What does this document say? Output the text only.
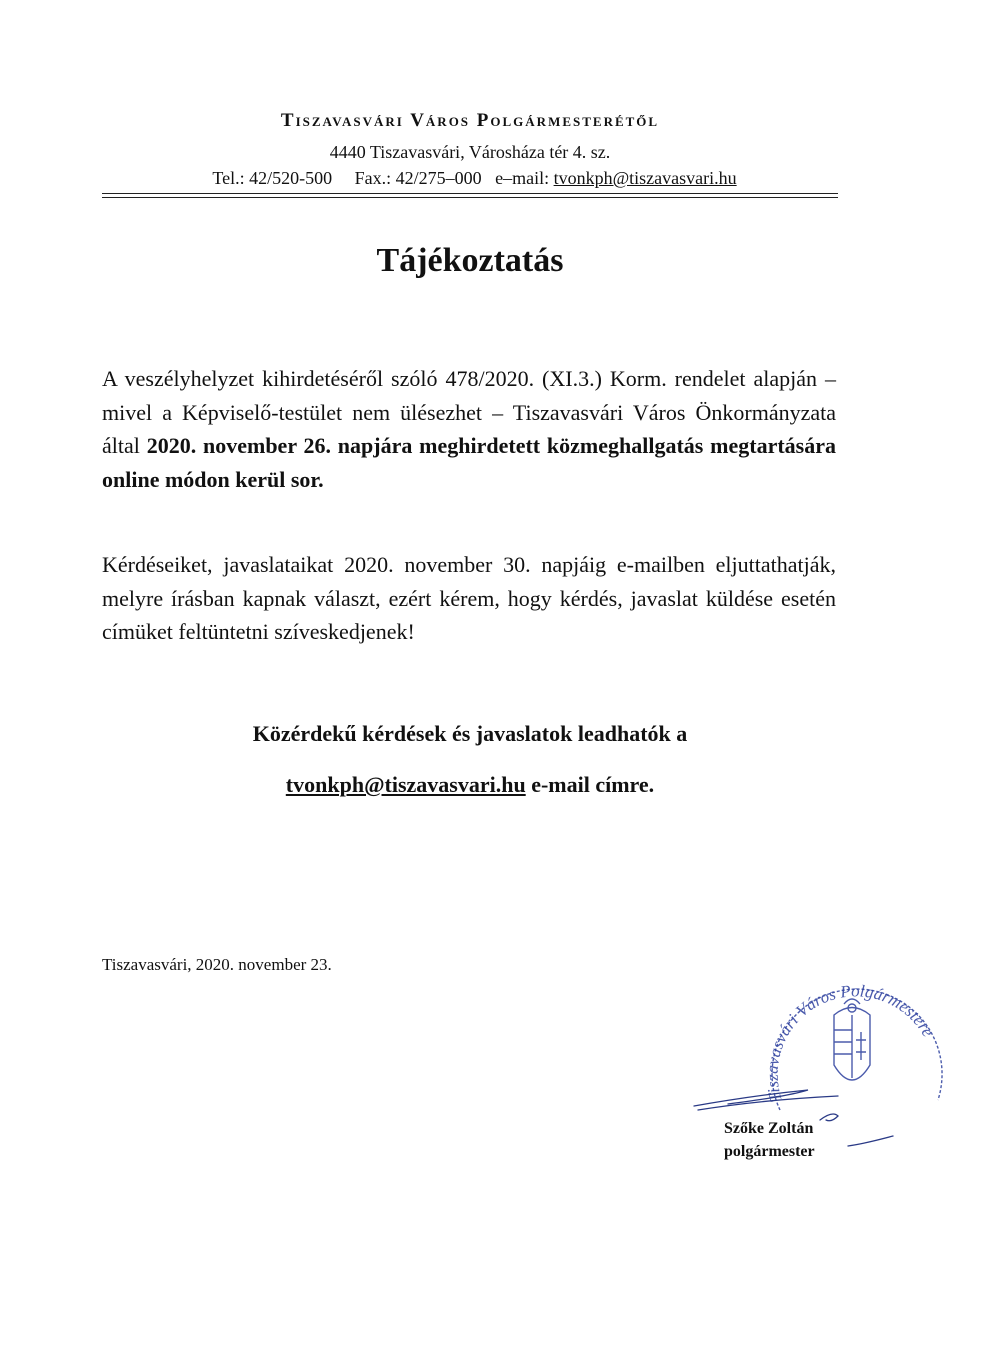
Tiszavasvári Város Polgármesterétől
4440 Tiszavasvári, Városháza tér 4. sz.
Tel.: 42/520-500 Fax.: 42/275–000 e–mail: tvonkph@tiszavasvari.hu
Tájékoztatás

A veszélyhelyzet kihirdetéséről szóló 478/2020. (XI.3.) Korm. rendelet alapján – mivel a Képviselő-testület nem ülésezhet – Tiszavasvári Város Önkormányzata által 2020. november 26. napjára meghirdetett közmeghallgatás megtartására online módon kerül sor.

Kérdéseiket, javaslataikat 2020. november 30. napjáig e-mailben eljuttathatják, melyre írásban kapnak választ, ezért kérem, hogy kérdés, javaslat küldése esetén címüket feltüntetni szíveskedjenek!

Közérdekű kérdések és javaslatok leadhatók a
tvonkph@tiszavasvari.hu e-mail címre.
Tiszavasvári, 2020. november 23.
Tiszavasvári Város Polgármestere
Szőke Zoltán
polgármester
